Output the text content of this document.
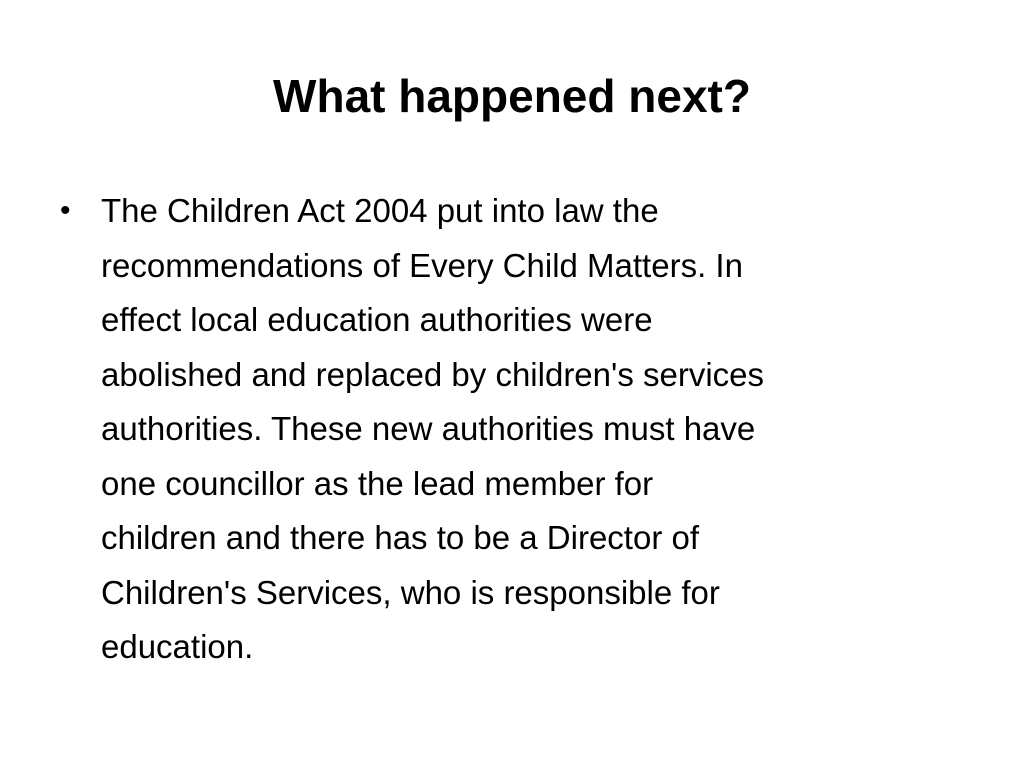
What happened next?
• The Children Act 2004 put into law the
recommendations of Every Child Matters. In
effect local education authorities were
abolished and replaced by children's services
authorities. These new authorities must have
one councillor as the lead member for
children and there has to be a Director of
Children's Services, who is responsible for
education.
